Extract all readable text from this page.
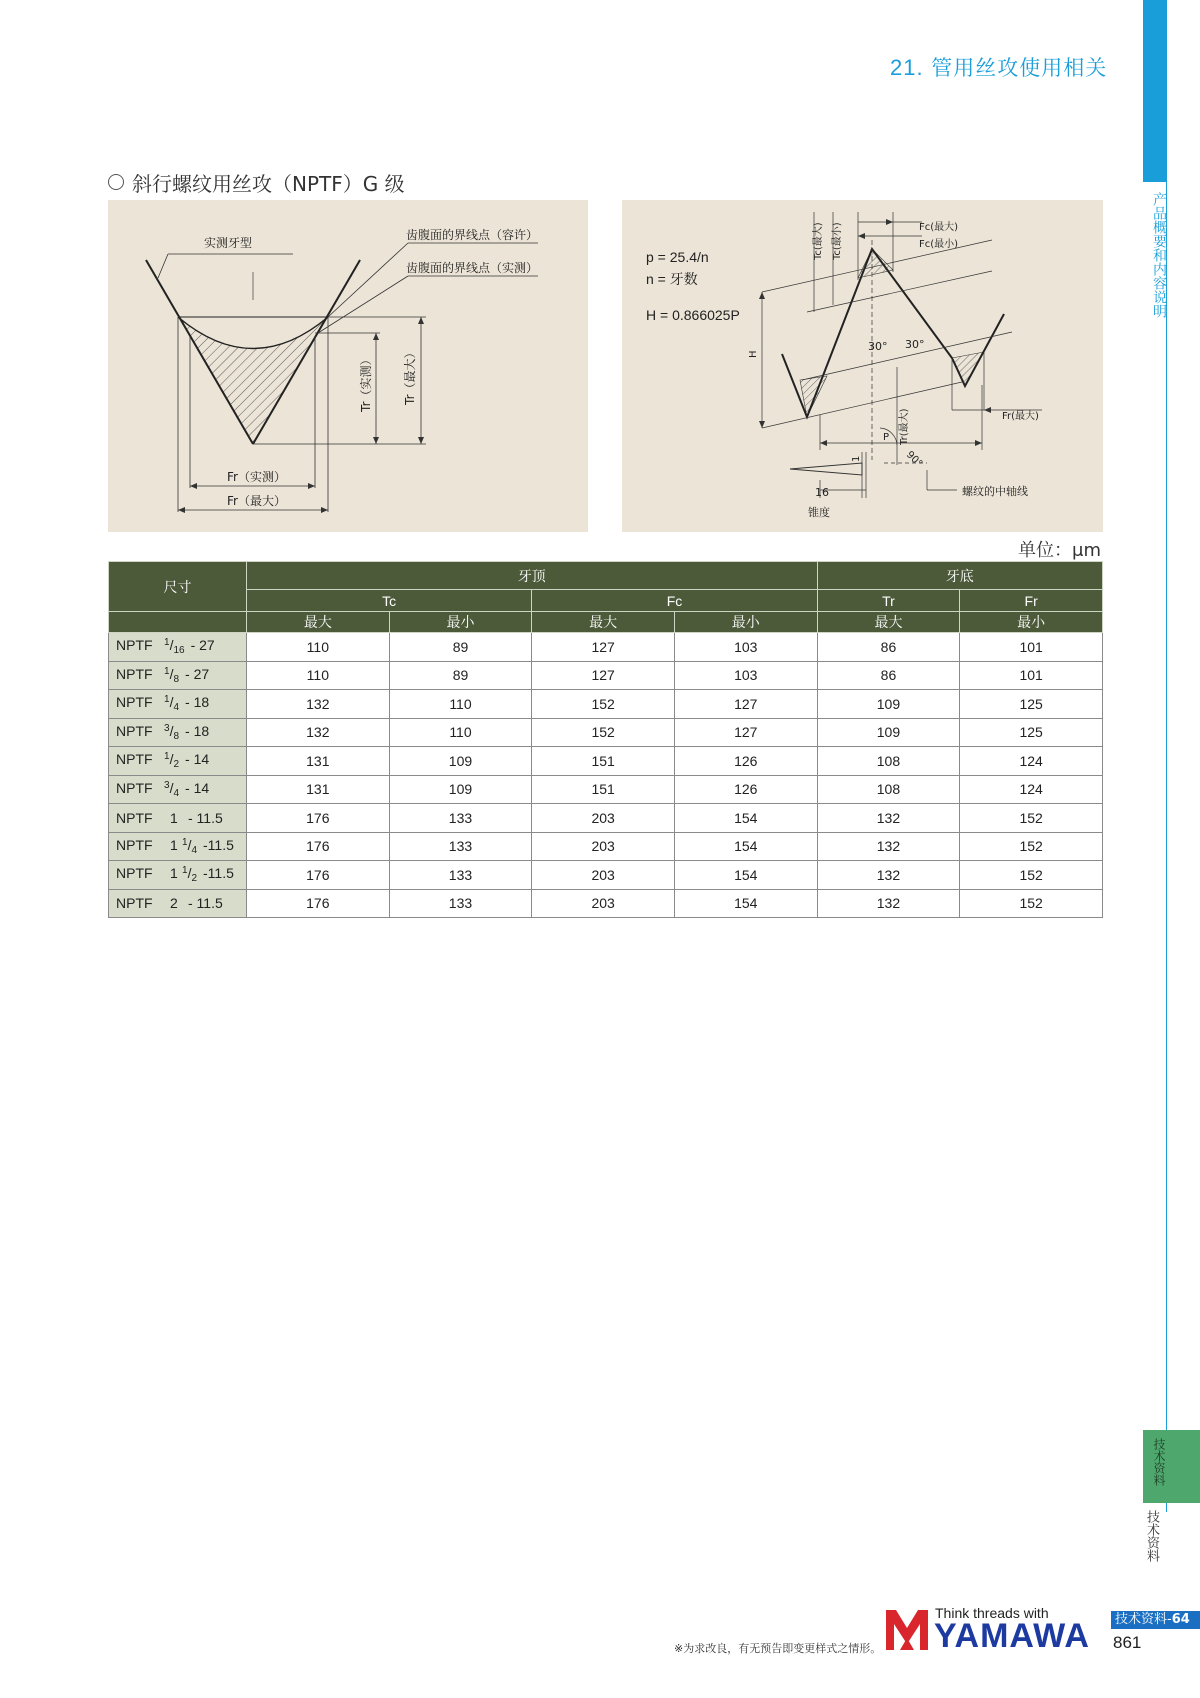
21. 管用丝攻使用相关
产品概要和内容说明
技术资料
技术资料
斜行螺纹用丝攻（NPTF）G 级
实测牙型
齿腹面的界线点（容许）
齿腹面的界线点（实测）
Tr（实测）	Tr（最大）
Fr（实测）
Fr（最大）
p = 25.4/n
n = 牙数
H = 0.866025P
Tc(最大) Tc(最小)	Fc(最大)
Fc(最小)
30° 30°
H
Tr(最大)
P
Fr(最大)
90°
1
16
锥度
螺纹的中轴线
单位：μm
尺寸	牙顶				牙底	
	Tc		Fc		Tr	Fr
	最大	最小	最大	最小	最大	最小
NPTF $^1/_{16} - 27$	110	89	127	103	86	101
NPTF $^1/_8 - 27$	110	89	127	103	86	101
NPTF $^1/_4 - 18$	132	110	152	127	109	125
NPTF $^3/_8 - 18$	132	110	152	127	109	125
NPTF $^1/_2 - 14$	131	109	151	126	108	124
NPTF $^3/_4 - 14$	131	109	151	126	108	124
NPTF 1 - 11.5	176	133	203	154	132	152
NPTF 1 $^1/_4$ -11.5	176	133	203	154	132	152
NPTF 1 $^1/_2$ -11.5	176	133	203	154	132	152
NPTF 2 - 11.5	176	133	203	154	132	152
※为求改良，有无预告即变更样式之情形。
Think threads with
YAMAWA	技术资料-64
861
